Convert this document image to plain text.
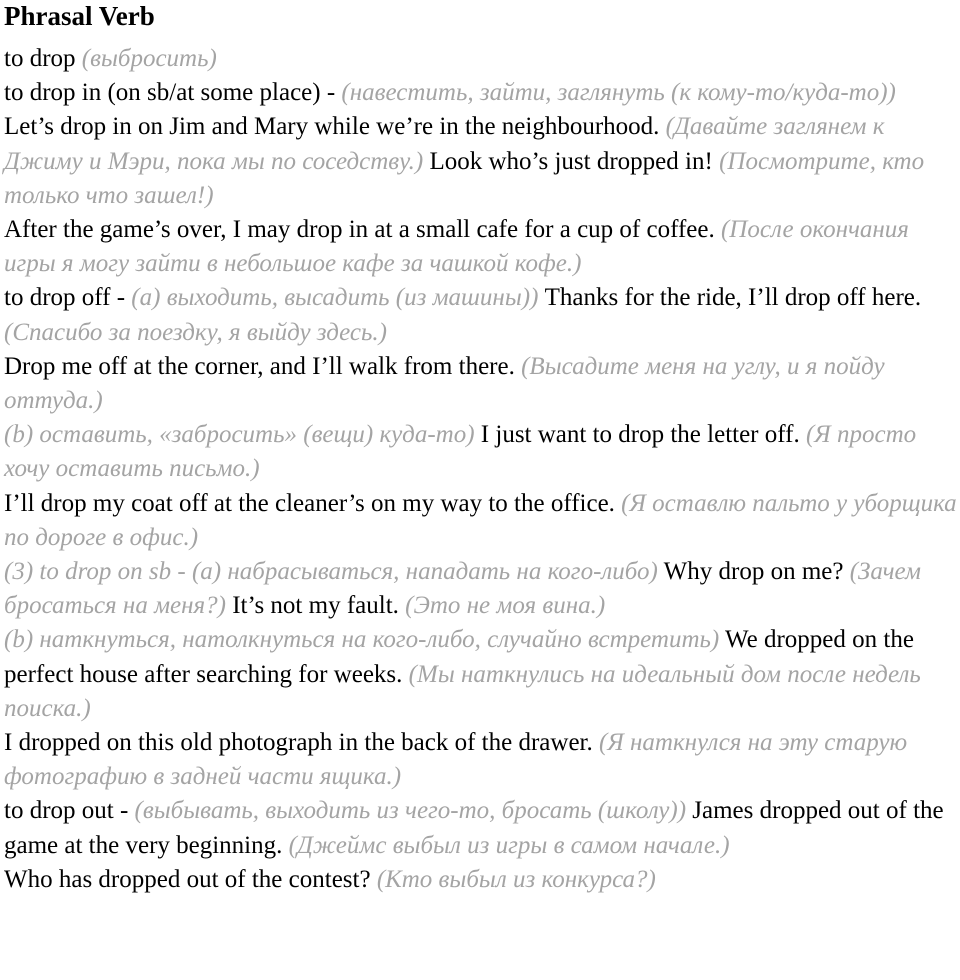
Phrasal Verb

to drop (выбросить)

to drop in (on sb/at some place) - (навестить, зайти, заглянуть (к кому-то/куда-то))

Let’s drop in on Jim and Mary while we’re in the neighbourhood. (Давайте заглянем к Джиму и Мэри, пока мы по соседству.) Look who’s just dropped in! (Посмотрите, кто только что зашел!)

After the game’s over, I may drop in at a small cafe for a cup of coffee. (После окончания игры я могу зайти в небольшое кафе за чашкой кофе.)

to drop off - (a) выходить, высадить (из машины)) Thanks for the ride, I’ll drop off here. (Спасибо за поездку, я выйду здесь.)

Drop me off at the corner, and I’ll walk from there. (Высадите меня на углу, и я пойду оттуда.)

(b) оставить, «забросить» (вещи) куда-то) I just want to drop the letter off. (Я просто хочу оставить письмо.)

I’ll drop my coat off at the cleaner’s on my way to the office. (Я оставлю пальто у уборщика по дороге в офис.)

(3) to drop on sb - (a) набрасываться, нападать на кого-либо) Why drop on me? (Зачем бросаться на меня?) It’s not my fault. (Это не моя вина.)

(b) наткнуться, натолкнуться на кого-либо, случайно встретить) We dropped on the perfect house after searching for weeks. (Мы наткнулись на идеальный дом после недель поиска.)

I dropped on this old photograph in the back of the drawer. (Я наткнулся на эту старую фотографию в задней части ящика.)

to drop out - (выбывать, выходить из чего-то, бросать (школу)) James dropped out of the game at the very beginning. (Джеймс выбыл из игры в самом начале.)

Who has dropped out of the contest? (Кто выбыл из конкурса?)
